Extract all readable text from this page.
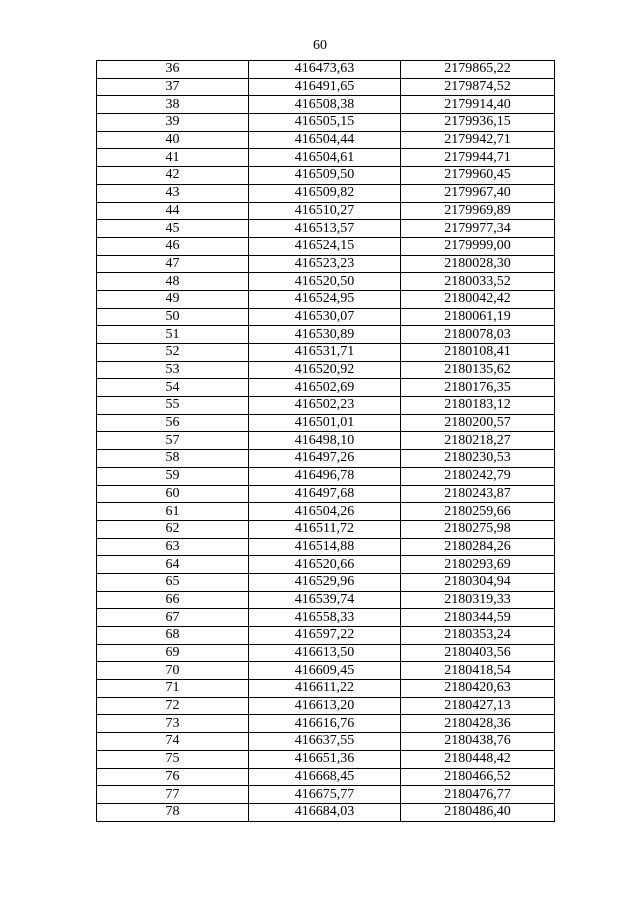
60
36	416473,63	2179865,22
37	416491,65	2179874,52
38	416508,38	2179914,40
39	416505,15	2179936,15
40	416504,44	2179942,71
41	416504,61	2179944,71
42	416509,50	2179960,45
43	416509,82	2179967,40
44	416510,27	2179969,89
45	416513,57	2179977,34
46	416524,15	2179999,00
47	416523,23	2180028,30
48	416520,50	2180033,52
49	416524,95	2180042,42
50	416530,07	2180061,19
51	416530,89	2180078,03
52	416531,71	2180108,41
53	416520,92	2180135,62
54	416502,69	2180176,35
55	416502,23	2180183,12
56	416501,01	2180200,57
57	416498,10	2180218,27
58	416497,26	2180230,53
59	416496,78	2180242,79
60	416497,68	2180243,87
61	416504,26	2180259,66
62	416511,72	2180275,98
63	416514,88	2180284,26
64	416520,66	2180293,69
65	416529,96	2180304,94
66	416539,74	2180319,33
67	416558,33	2180344,59
68	416597,22	2180353,24
69	416613,50	2180403,56
70	416609,45	2180418,54
71	416611,22	2180420,63
72	416613,20	2180427,13
73	416616,76	2180428,36
74	416637,55	2180438,76
75	416651,36	2180448,42
76	416668,45	2180466,52
77	416675,77	2180476,77
78	416684,03	2180486,40
